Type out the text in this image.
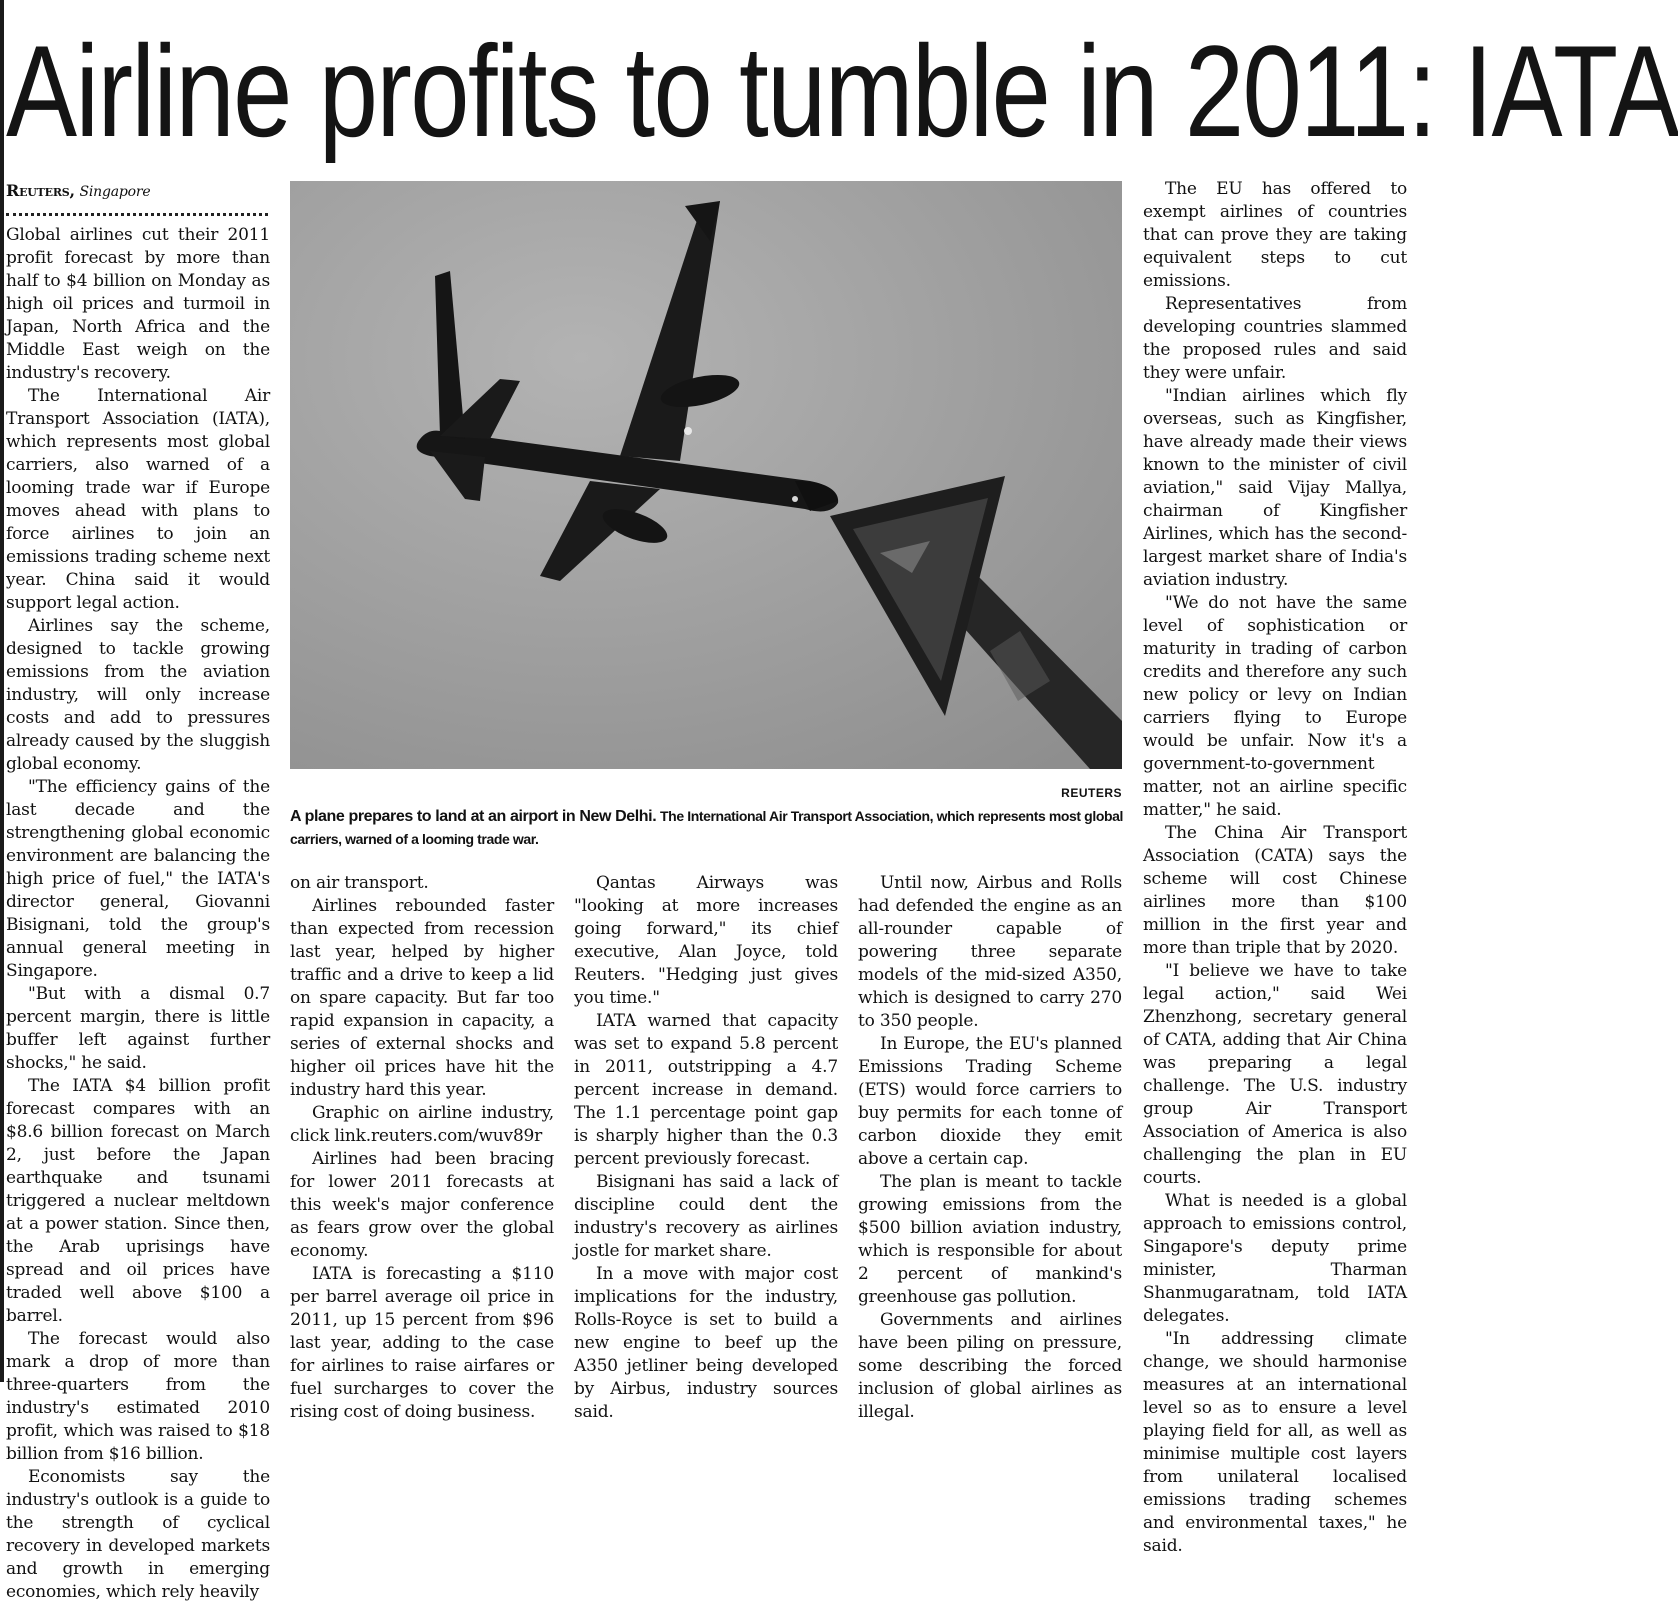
Airline profits to tumble in 2011: IATA
Reuters, Singapore

Global airlines cut their 2011 profit forecast by more than half to $4 billion on Monday as high oil prices and turmoil in Japan, North Africa and the Middle East weigh on the industry's recovery.

The International Air Transport Association (IATA), which represents most global carriers, also warned of a looming trade war if Europe moves ahead with plans to force airlines to join an emissions trading scheme next year. China said it would support legal action.

Airlines say the scheme, designed to tackle growing emissions from the aviation industry, will only increase costs and add to pressures already caused by the sluggish global economy.

"The efficiency gains of the last decade and the strengthening global economic environment are balancing the high price of fuel," the IATA's director general, Giovanni Bisignani, told the group's annual general meeting in Singapore.

"But with a dismal 0.7 percent margin, there is little buffer left against further shocks," he said.

The IATA $4 billion profit forecast compares with an $8.6 billion forecast on March 2, just before the Japan earthquake and tsunami triggered a nuclear meltdown at a power station. Since then, the Arab uprisings have spread and oil prices have traded well above $100 a barrel.

The forecast would also mark a drop of more than three-quarters from the industry's estimated 2010 profit, which was raised to $18 billion from $16 billion.

Economists say the industry's outlook is a guide to the strength of cyclical recovery in developed markets and growth in emerging economies, which rely heavily

REUTERS
A plane prepares to land at an airport in New Delhi. The International Air Transport Association, which represents most global carriers, warned of a looming trade war.

on air transport.

Airlines rebounded faster than expected from recession last year, helped by higher traffic and a drive to keep a lid on spare capacity. But far too rapid expansion in capacity, a series of external shocks and higher oil prices have hit the industry hard this year.

Graphic on airline industry, click link.reuters.com/wuv89r

Airlines had been bracing for lower 2011 forecasts at this week's major conference as fears grow over the global economy.

IATA is forecasting a $110 per barrel average oil price in 2011, up 15 percent from $96 last year, adding to the case for airlines to raise airfares or fuel surcharges to cover the rising cost of doing business.

Qantas Airways was "looking at more increases going forward," its chief executive, Alan Joyce, told Reuters. "Hedging just gives you time."

IATA warned that capacity was set to expand 5.8 percent in 2011, outstripping a 4.7 percent increase in demand. The 1.1 percentage point gap is sharply higher than the 0.3 percent previously forecast.

Bisignani has said a lack of discipline could dent the industry's recovery as airlines jostle for market share.

In a move with major cost implications for the industry, Rolls-Royce is set to build a new engine to beef up the A350 jetliner being developed by Airbus, industry sources said.

Until now, Airbus and Rolls had defended the engine as an all-rounder capable of powering three separate models of the mid-sized A350, which is designed to carry 270 to 350 people.

In Europe, the EU's planned Emissions Trading Scheme (ETS) would force carriers to buy permits for each tonne of carbon dioxide they emit above a certain cap.

The plan is meant to tackle growing emissions from the $500 billion aviation industry, which is responsible for about 2 percent of mankind's greenhouse gas pollution.

Governments and airlines have been piling on pressure, some describing the forced inclusion of global airlines as illegal.

The EU has offered to exempt airlines of countries that can prove they are taking equivalent steps to cut emissions.

Representatives from developing countries slammed the proposed rules and said they were unfair.

"Indian airlines which fly overseas, such as Kingfisher, have already made their views known to the minister of civil aviation," said Vijay Mallya, chairman of Kingfisher Airlines, which has the second-largest market share of India's aviation industry.

"We do not have the same level of sophistication or maturity in trading of carbon credits and therefore any such new policy or levy on Indian carriers flying to Europe would be unfair. Now it's a government-to-government matter, not an airline specific matter," he said.

The China Air Transport Association (CATA) says the scheme will cost Chinese airlines more than $100 million in the first year and more than triple that by 2020.

"I believe we have to take legal action," said Wei Zhenzhong, secretary general of CATA, adding that Air China was preparing a legal challenge. The U.S. industry group Air Transport Association of America is also challenging the plan in EU courts.

What is needed is a global approach to emissions control, Singapore's deputy prime minister, Tharman Shanmugaratnam, told IATA delegates.

"In addressing climate change, we should harmonise measures at an international level so as to ensure a level playing field for all, as well as minimise multiple cost layers from unilateral localised emissions trading schemes and environmental taxes," he said.
